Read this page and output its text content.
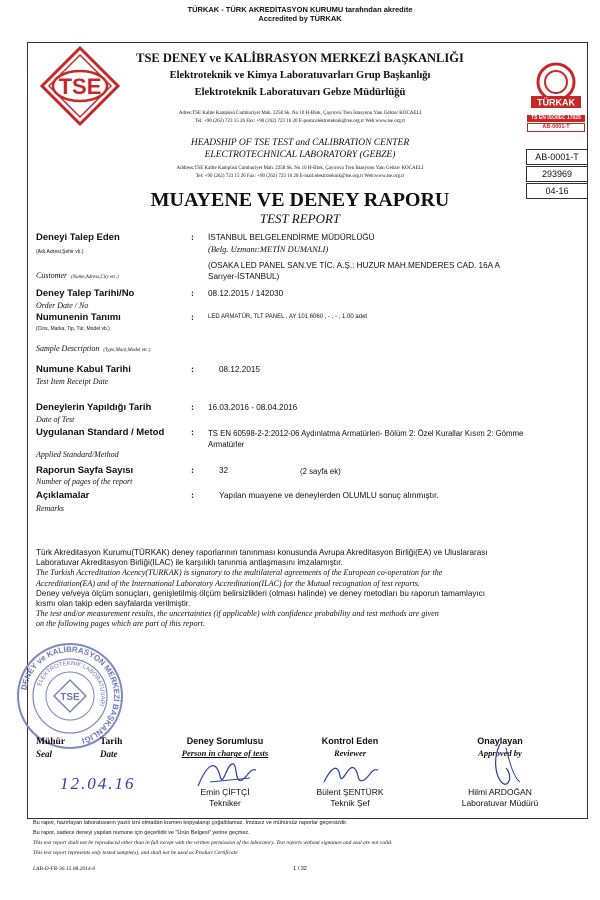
TÜRKAK - TÜRK AKREDİTASYON KURUMU tarafından akredite
Accredited by TÜRKAK
TSE
TSE DENEY ve KALİBRASYON MERKEZİ BAŞKANLIĞI
Elektroteknik ve Kimya Laboratuvarları Grup Başkanlığı
Elektroteknik Laboratuvarı Gebze Müdürlüğü
Adres:TSE Kalite Kampüsü Cumhuriyet Mah. 2258 Sk. No 10 H-Blok, Çayırova Tren İstasyonu Yanı Gebze/ KOCAELİ
Tel: +90 (262) 723 15 26 Fax: +90 (262) 723 16 20 E-posta:elektroteknik@tse.org.tr Web:www.tse.org.tr
TÜRKAK
TS EN ISO/IEC 17025
AB-0001-T
HEADSHIP OF TSE TEST and CALIBRATION CENTER
ELECTROTECHNICAL LABORATORY (GEBZE)
Address:TSE Kalite Kampüsü Cumhuriyet Mah. 2258 Sk. No 10 H-Blok, Çayırova Tren İstasyonu Yanı Gebze/ KOCAELİ
Tel: +90 (262) 723 15 26 Fax: +90 (262) 723 16 20 E-mail:elektroteknik@tse.org.tr Web:www.tse.org.tr
AB-0001-T
293969
04-16
MUAYENE VE DENEY RAPORU
TEST REPORT
Deneyi Talep Eden
(Adı,Adresi,Şehir vb.)
Customer (Name,Adress,City etc.)
: İSTANBUL BELGELENDİRME MÜDÜRLÜĞÜ
(Belg. Uzmanı:METİN DUMANLI)
(OSAKA LED PANEL SAN.VE TİC. A.Ş.: HUZUR MAH.MENDERES CAD. 16A A
Sarıyer-İSTANBUL)
Deney Talep Tarihi/No
Order Date / No
: 08.12.2015 / 142030
Numunenin Tanımı
(Cins, Marka, Tip, Tür, Model vb.)
Sample Description (Type,Mark,Model etc.)
: LED ARMATÜR, TLT PANEL , AY 101 6060 , - , - , 1.00 adet
Numune Kabul Tarihi
Test Item Receipt Date
:	08.12.2015
Deneylerin Yapıldığı Tarih
Date of Test
: 16.03.2016 - 08.04.2016
Uygulanan Standard / Metod
Applied Standard/Method
: TS EN 60598-2-2:2012-06 Aydınlatma Armatürleri- Bölüm 2: Özel Kurallar Kısım 2: Gömme
Armatürler
Raporun Sayfa Sayısı
Number of pages of the report
:	32	(2 sayfa ek)
Açıklamalar
Remarks
:	Yapılan muayene ve deneylerden OLUMLU sonuç alınmıştır.
Türk Akreditasyon Kurumu(TÜRKAK) deney raporlarının tanınması konusunda Avrupa Akreditasyon Birliği(EA) ve Uluslararası
Laboratuvar Akreditasyon Birliği(ILAC) ile karşılıklı tanınma antlaşmasını imzalamıştır.
The Turkish Accreditation Acency(TURKAK) is signatory to the multilateral agreements of the European co-operation for the
Accreditation(EA) and of the International Laboratory Accreditation(ILAC) for the Mutual recognation of test reports.
Deney ve/veya ölçüm sonuçları, genişletilmiş ölçüm belirsizlikleri (olması halinde) ve deney metodları bu raporun tamamlayıcı
kısmı olan takip eden sayfalarda verilmiştir.
The test and/or measurement results, the uncertainties (if applicable) with confidence probability and test methods are given
on the following pages which are part of this report.
DENEY ve KALİBRASYON MERKEZİ BAŞKANLIĞI
ELEKTROTEKNİK LABORATUVARI
TSE
Mühür
Seal
Tarih
Date
12.04.16
Deney Sorumlusu
Person in charge of tests
Emin ÇİFTÇİ
Tekniker
Kontrol Eden
Reviewer
Bülent ŞENTÜRK
Teknik Şef
Onaylayan
Approved by
Hilmi ARDOĞAN
Laboratuvar Müdürü
Bu rapor, hazırlayan laboratuvarın yazılı izni olmadan kısmen kopyalanıp çoğaltılamaz. İmzasız ve mühürsüz raporlar geçersizdir.
Bu rapor, sadece deneyi yapılan numune için geçerlidir ve "Ürün Belgesi" yerine geçmez.
This test report shall not be reproduced other than in full except with the written permission of the laboratory. Test reports without signature and seal are not valid.
This test report represents only tested sample(s), and shall not be used as Product Certificate
LAB-D-FR-36.15.08.2014-0	1 / 32
